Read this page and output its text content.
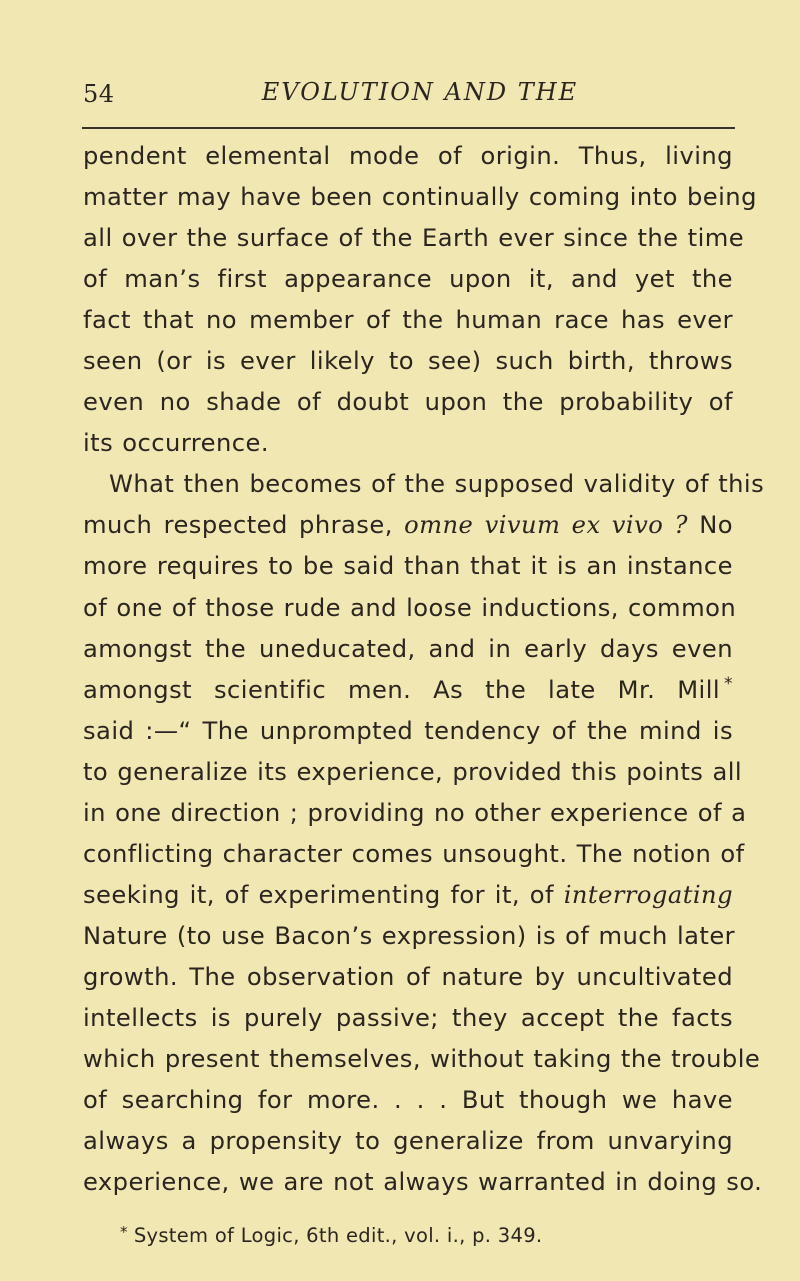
54	EVOLUTION AND THE
pendent elemental mode of origin. Thus, living
matter may have been continually coming into being
all over the surface of the Earth ever since the time
of man’s first appearance upon it, and yet the
fact that no member of the human race has ever
seen (or is ever likely to see) such birth, throws
even no shade of doubt upon the probability of
its occurrence.
What then becomes of the supposed validity of this
much respected phrase, omne vivum ex vivo ? No
more requires to be said than that it is an instance
of one of those rude and loose inductions, common
amongst the uneducated, and in early days even
amongst scientific men. As the late Mr. Mill *
said :—“ The unprompted tendency of the mind is
to generalize its experience, provided this points all
in one direction ; providing no other experience of a
conflicting character comes unsought. The notion of
seeking it, of experimenting for it, of interrogating
Nature (to use Bacon’s expression) is of much later
growth. The observation of nature by uncultivated
intellects is purely passive; they accept the facts
which present themselves, without taking the trouble
of searching for more. . . . But though we have
always a propensity to generalize from unvarying
experience, we are not always warranted in doing so.
* System of Logic, 6th edit., vol. i., p. 349.
